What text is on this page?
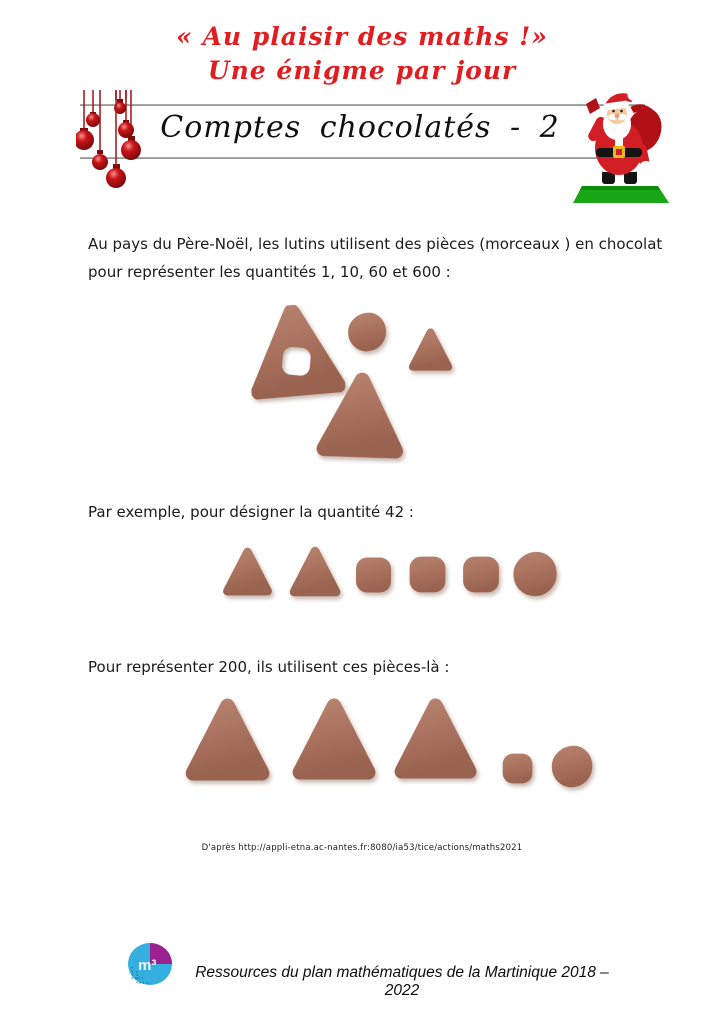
« Au plaisir des maths !»
Une énigme par jour
Comptes chocolatés - 2

Au pays du Père-Noël, les lutins utilisent des pièces (morceaux ) en chocolat pour représenter les quantités 1, 10, 60 et 600 :

Par exemple, pour désigner la quantité 42 :

Pour représenter 200, ils utilisent ces pièces-là :

D'après http://appli-etna.ac-nantes.fr:8080/ia53/tice/actions/maths2021
m³	Ressources du plan mathématiques de la Martinique 2018 – 2022
